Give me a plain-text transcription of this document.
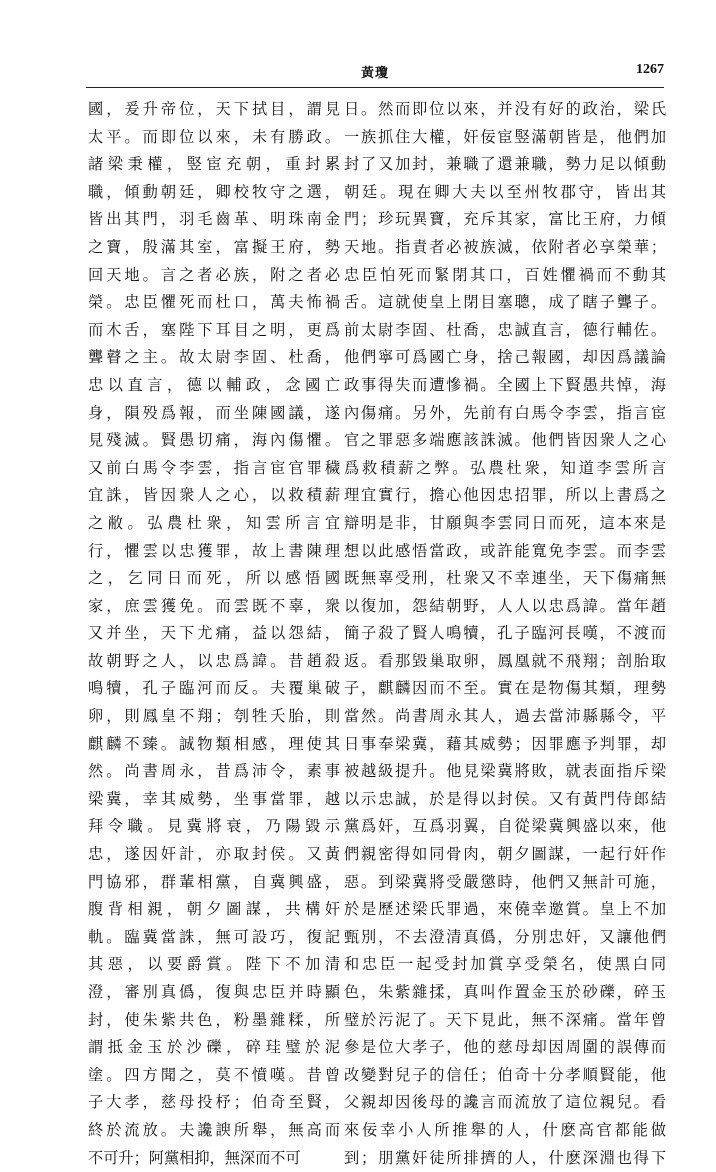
黃瓊	1267
國，爰升帝位，天下拭目，謂見
太平。而即位以來，未有勝政。
諸梁秉權，竪宦充朝，重封累
職，傾動朝廷，卿校牧守之選，
皆出其門，羽毛齒革、明珠南金
之寶，殷滿其室，富擬王府，勢
回天地。言之者必族，附之者必
榮。忠臣懼死而杜口，萬夫怖禍
而木舌，塞陛下耳目之明，更爲
聾瞽之主。故太尉李固、杜喬，
忠以直言，德以輔政，念國亡
身，隕殁爲報，而坐陳國議，遂
見殘滅。賢愚切痛，海內傷懼。
又前白馬令李雲，指言宦官罪穢
宜誅，皆因衆人之心，以救積薪
之敝。弘農杜衆，知雲所言宜
行，懼雲以忠獲罪，故上書陳理
之，乞同日而死，所以感悟國
家，庶雲獲免。而雲既不辜，衆
又并坐，天下尤痛，益以怨結，
故朝野之人，以忠爲諱。昔趙殺
鳴犢，孔子臨河而反。夫覆巢破
卵，則鳳皇不翔；刳牲夭胎，則
麒麟不臻。誠物類相感，理使其
然。尚書周永，昔爲沛令，素事
梁冀，幸其威勢，坐事當罪，越
拜令職。見冀將衰，乃陽毀示
忠，遂因奸計，亦取封侯。又黃
門協邪，群輩相黨，自冀興盛，
腹背相親，朝夕圖謀，共構奸
軌。臨冀當誅，無可設巧，復記
其惡，以要爵賞。陛下不加清
澄，審別真僞，復與忠臣并時顯
封，使朱紫共色，粉墨雜糅，所
謂抵金玉於沙礫，碎珪璧於泥
塗。四方聞之，莫不憤嘆。昔曾
子大孝，慈母投杼；伯奇至賢，
終於流放。夫讒諛所舉，無高而
不可升；阿黨相抑，無深而不可
日。然而即位以來，并没有好的政治，梁氏
一族抓住大權，奸佞宦竪滿朝皆是，他們加
封了又加封，兼職了還兼職，勢力足以傾動
朝廷。現在卿大夫以至州牧郡守，皆出其
門；珍玩異寶，充斥其家，富比王府，力傾
天地。指責者必被族滅，依附者必享榮華；
忠臣怕死而緊閉其口，百姓懼禍而不動其
舌。這就使皇上閉目塞聰，成了瞎子聾子。
前太尉李固、杜喬，忠誠直言，德行輔佐。
他們寧可爲國亡身，捨己報國，却因爲議論
政事得失而遭慘禍。全國上下賢愚共悼，海
內傷痛。另外，先前有白馬令李雲，指言宦
官之罪惡多端應該誅滅。他們皆因衆人之心
爲救積薪之弊。弘農杜衆，知道李雲所言
理宜實行，擔心他因忠招罪，所以上書爲之
辯明是非，甘願與李雲同日而死，這本來是
想以此感悟當政，或許能寬免李雲。而李雲
既無辜受刑，杜衆又不幸連坐，天下傷痛無
以復加，怨結朝野，人人以忠爲諱。當年趙
簡子殺了賢人鳴犢，孔子臨河長嘆，不渡而
返。看那毀巢取卵，鳳凰就不飛翔；剖胎取
子，麒麟因而不至。實在是物傷其類，理勢
當然。尚書周永其人，過去當沛縣縣令，平
日事奉梁冀，藉其威勢；因罪應予判罪，却
被越級提升。他見梁冀將敗，就表面指斥梁
以示忠誠，於是得以封侯。又有黃門侍郎結
黨爲奸，互爲羽翼，自從梁冀興盛以來，他
們親密得如同骨肉，朝夕圖謀，一起行奸作
惡。到梁冀將受嚴懲時，他們又無計可施，
於是歷述梁氏罪過，來僥幸邀賞。皇上不加
甄別，不去澄清真僞，分別忠奸，又讓他們
和忠臣一起受封加賞享受榮名，使黑白同
色，朱紫雜揉，真叫作置金玉於砂礫，碎玉
璧於污泥了。天下見此，無不深痛。當年曾
參是位大孝子，他的慈母却因周圍的誤傳而
改變對兒子的信任；伯奇十分孝順賢能，他
父親却因後母的讒言而流放了這位親兒。看
來佞幸小人所推舉的人，什麽高官都能做
到；朋黨奸徒所排擠的人，什麽深淵也得下
